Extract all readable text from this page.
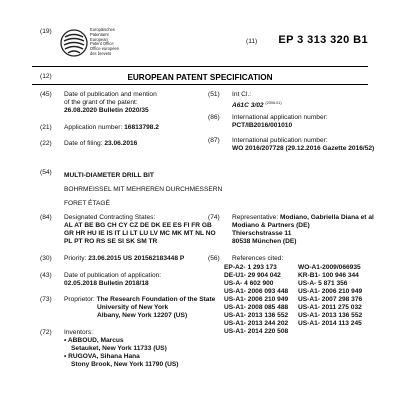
(19)	Europäisches
Patentamt
European
Patent Office
Office européen
des brevets
(11) EP 3 313 320 B1
(12)	EUROPEAN PATENT SPECIFICATION
(45) Date of publication and mention
of the grant of the patent:
26.08.2020 Bulletin 2020/35
(21) Application number: 16813798.2
(22) Date of filing: 23.06.2016
(51) Int Cl.:
A61C 3/02 $^{(2006.01)}$
(86) International application number:
PCT/IB2016/001010
(87) International publication number:
WO 2016/207728 (29.12.2016 Gazette 2016/52)
(54) MULTI-DIAMETER DRILL BIT
BOHRMEISSEL MIT MEHREREN DURCHMESSERN
FORET ÉTAGÉ
(84) Designated Contracting States:
AL AT BE BG CH CY CZ DE DK EE ES FI FR GB
GR HR HU IE IS IT LI LT LU LV MC MK MT NL NO
PL PT RO RS SE SI SK SM TR
(30) Priority: 23.06.2015 US 201562183448 P
(43) Date of publication of application:
02.05.2018 Bulletin 2018/18
(73) Proprietor: The Research Foundation of the State
University of New York
Albany, New York 12207 (US)
(72) Inventors:
• ABBOUD, Marcus
Setauket, New York 11733 (US)
• RUGOVA, Sihana Hana
Stony Brook, New York 11790 (US)
(74) Representative: Modiano, Gabriella Diana et al
Modiano & Partners (DE)
Thierschstrasse 11
80538 München (DE)
(56) References cited:
EP-A2- 1 293 173
DE-U1- 29 904 042
US-A- 4 602 900
US-A1- 2006 093 448
US-A1- 2006 210 949
US-A1- 2008 085 488
US-A1- 2013 136 552
US-A1- 2013 244 202
US-A1- 2014 220 508
WO-A1-2009/066935
KR-B1- 100 946 344
US-A- 5 871 356
US-A1- 2006 210 949
US-A1- 2007 298 376
US-A1- 2011 275 032
US-A1- 2013 136 552
US-A1- 2014 113 245
